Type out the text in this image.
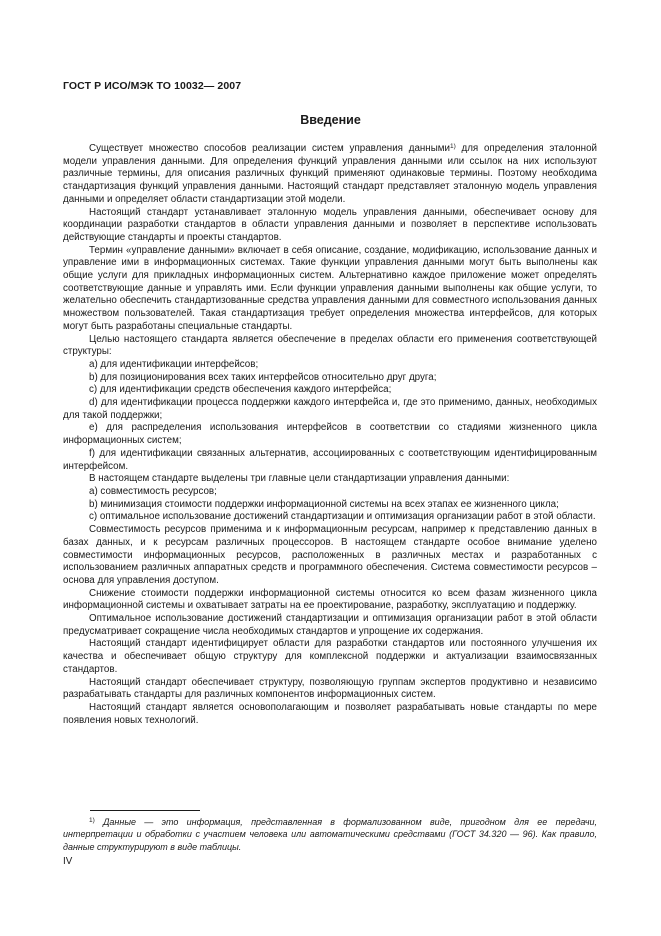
ГОСТ Р ИСО/МЭК ТО 10032— 2007
Введение

Существует множество способов реализации систем управления данными$^{1)}$ для определения эталонной модели управления данными. Для определения функций управления данными или ссылок на них используют различные термины, для описания различных функций применяют одинаковые термины. Поэтому необходима стандартизация функций управления данными. Настоящий стандарт представляет эталонную модель управления данными и определяет области стандартизации этой модели.

Настоящий стандарт устанавливает эталонную модель управления данными, обеспечивает основу для координации разработки стандартов в области управления данными и позволяет в перспективе использовать действующие стандарты и проекты стандартов.

Термин «управление данными» включает в себя описание, создание, модификацию, использование данных и управление ими в информационных системах. Такие функции управления данными могут быть выполнены как общие услуги для прикладных информационных систем. Альтернативно каждое приложение может определять соответствующие данные и управлять ими. Если функции управления данными выполнены как общие услуги, то желательно обеспечить стандартизованные средства управления данными для совместного использования данных множеством пользователей. Такая стандартизация требует определения множества интерфейсов, для которых могут быть разработаны специальные стандарты.

Целью настоящего стандарта является обеспечение в пределах области его применения соответствующей структуры:

a) для идентификации интерфейсов;

b) для позиционирования всех таких интерфейсов относительно друг друга;

c) для идентификации средств обеспечения каждого интерфейса;

d) для идентификации процесса поддержки каждого интерфейса и, где это применимо, данных, необходимых для такой поддержки;

e) для распределения использования интерфейсов в соответствии со стадиями жизненного цикла информационных систем;

f) для идентификации связанных альтернатив, ассоциированных с соответствующим идентифицированным интерфейсом.

В настоящем стандарте выделены три главные цели стандартизации управления данными:

a) совместимость ресурсов;

b) минимизация стоимости поддержки информационной системы на всех этапах ее жизненного цикла;

c) оптимальное использование достижений стандартизации и оптимизация организации работ в этой области.

Совместимость ресурсов применима и к информационным ресурсам, например к представлению данных в базах данных, и к ресурсам различных процессоров. В настоящем стандарте особое внимание уделено совместимости информационных ресурсов, расположенных в различных местах и разработанных с использованием различных аппаратных средств и программного обеспечения. Система совместимости ресурсов – основа для управления доступом.

Снижение стоимости поддержки информационной системы относится ко всем фазам жизненного цикла информационной системы и охватывает затраты на ее проектирование, разработку, эксплуатацию и поддержку.

Оптимальное использование достижений стандартизации и оптимизация организации работ в этой области предусматривает сокращение числа необходимых стандартов и упрощение их содержания.

Настоящий стандарт идентифицирует области для разработки стандартов или постоянного улучшения их качества и обеспечивает общую структуру для комплексной поддержки и актуализации взаимосвязанных стандартов.

Настоящий стандарт обеспечивает структуру, позволяющую группам экспертов продуктивно и независимо разрабатывать стандарты для различных компонентов информационных систем.

Настоящий стандарт является основополагающим и позволяет разрабатывать новые стандарты по мере появления новых технологий.

$^{1)}$ Данные — это информация, представленная в формализованном виде, пригодном для ее передачи, интерпретации и обработки с участием человека или автоматическими средствами (ГОСТ 34.320 — 96). Как правило, данные структурируют в виде таблицы.

IV
